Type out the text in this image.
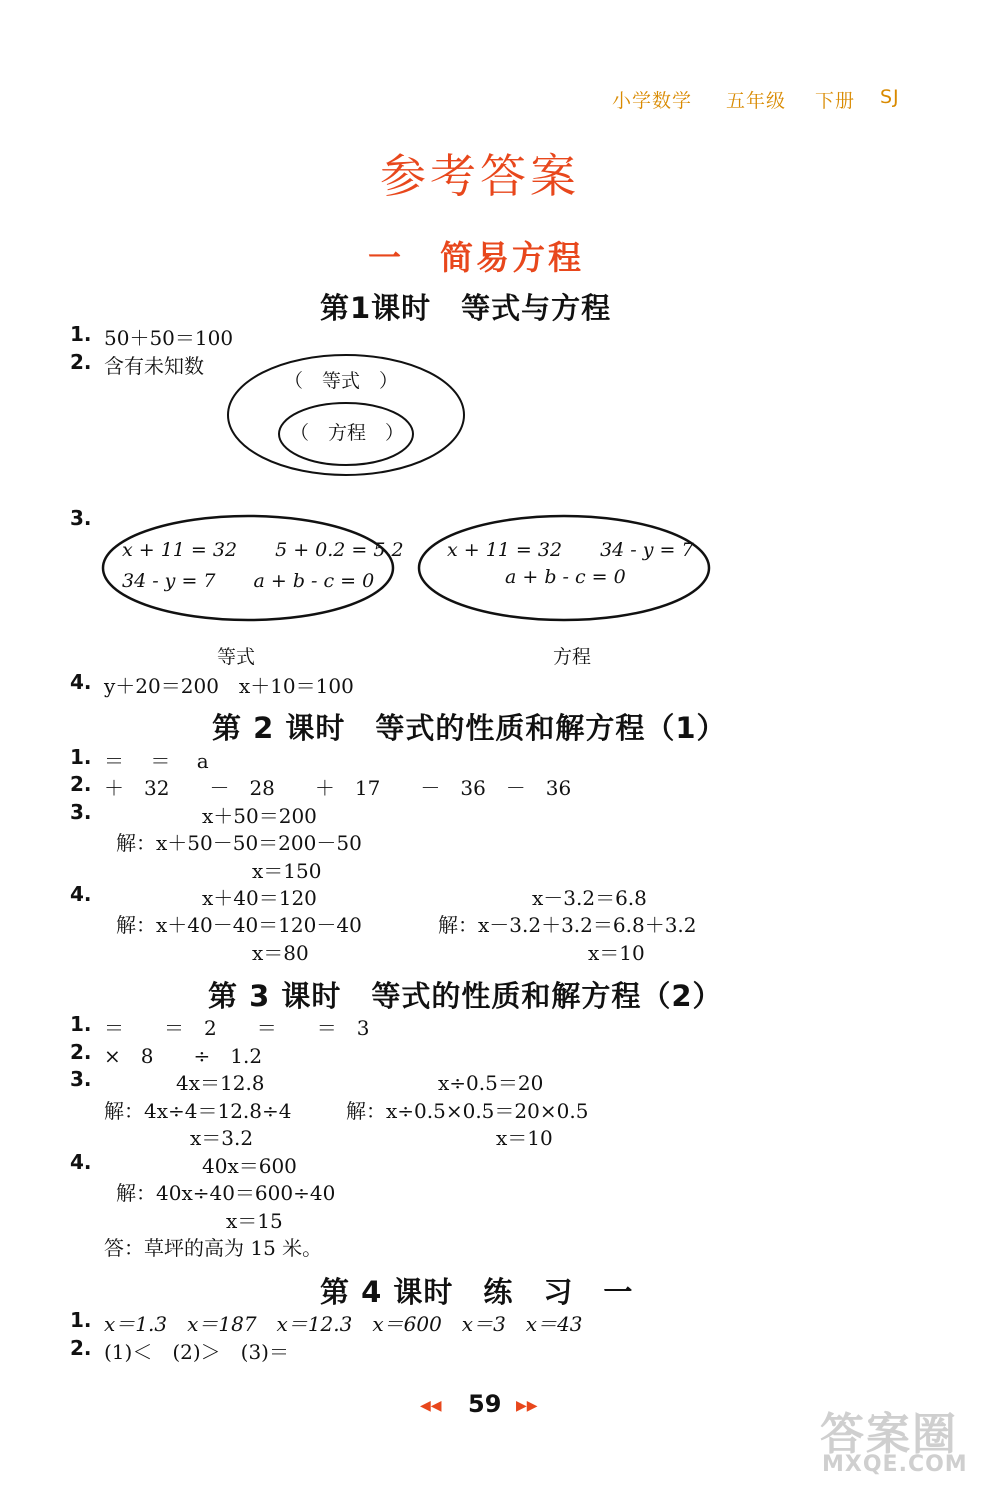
小学数学 五年级 下册 SJ
参考答案
一　简易方程
第1课时　等式与方程
1. 50＋50＝100
2. 含有未知数
（　等式　）
（　方程　）
3.
x + 11 = 32　　5 + 0.2 = 5.2
34 - y = 7　　a + b - c = 0
等式
x + 11 = 32　　34 - y = 7
a + b - c = 0
方程
4. y＋20＝200　x＋10＝100
第 2 课时　等式的性质和解方程（1）
1. ＝　 ＝　 a
2. ＋　32　　－　28　　＋　17　　－　36　－　36
3.	x＋50＝200
解：x＋50－50＝200－50
x＝150
4.	x＋40＝120
解：x＋40－40＝120－40
x＝80
x－3.2＝6.8
解：x－3.2＋3.2＝6.8＋3.2
x＝10
第 3 课时　等式的性质和解方程（2）
1. ＝　　＝　2　　＝　　＝　3
2. ×　8　　÷　1.2
3.	4x＝12.8
解：4x÷4＝12.8÷4
x＝3.2
x÷0.5＝20
解：x÷0.5×0.5＝20×0.5
x＝10
4.	40x＝600
解：40x÷40＝600÷40
x＝15
答：草坪的高为 15 米。
第 4 课时　练　习　一
1. x＝1.3　x＝187　x＝12.3　x＝600　x＝3　x＝43
2. (1)＜　(2)＞　(3)＝
◀◀ 59 ▶▶
答案圈
MXQE.COM
